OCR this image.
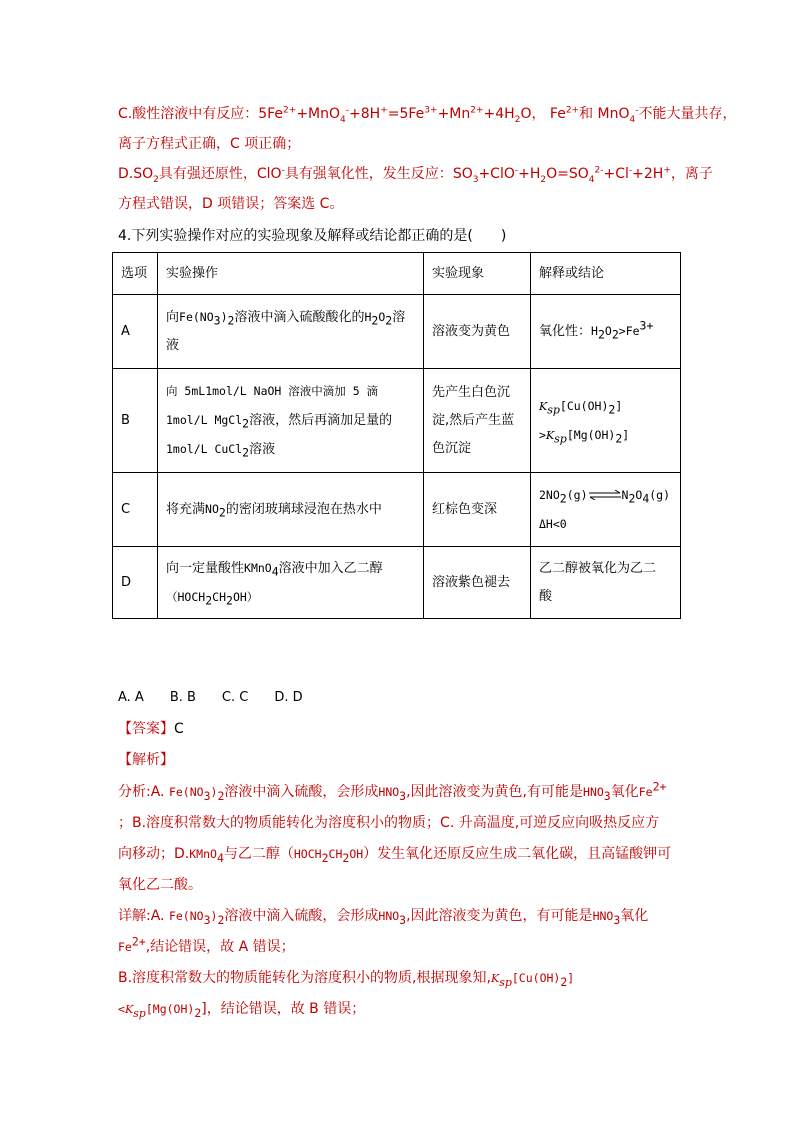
C.酸性溶液中有反应：$5Fe^{2+}+MnO_4^-+8H^+=5Fe^{3+}+Mn^{2+}+4H_2O$， $Fe^{2+}$和 MnO$_4$-不能大量共存，
离子方程式正确，C 项正确；
$D.SO_2$具有强还原性，ClO-具有强氧化性，发生反应：$SO_3+ClO^-+H_2O=SO_4^{2-}+Cl^-+2H^+$，离子
方程式错误，D 项错误；答案选 C。
4.下列实验操作对应的实验现象及解释或结论都正确的是(　　)
选项	实验操作	实验现象	解释或结论
A	向$Fe(NO_3)_2$溶液中滴入硫酸酸化的$H_2O_2$溶
液	溶液变为黄色	氧化性：$H_2O_2>Fe^{3+}$
B	向 5mL1mol/L NaOH 溶液中滴加 5 滴
1mol/L MgCl$_2$溶液，然后再滴加足量的
1mol/L CuCl$_2$溶液	先产生白色沉
淀,然后产生蓝
色沉淀	$K_{sp}[Cu(OH)_2]$
$>K_{sp}[Mg(OH)_2]$
C	将充满$NO_2$的密闭玻璃球浸泡在热水中	红棕色变深	$2NO_2(g)\rightleftharpoons N_2O_4(g)$
ΔH<0
D	向一定量酸性KMnO$_4$溶液中加入乙二醇
$(HOCH_2CH_2OH)$	溶液紫色褪去	乙二醇被氧化为乙二
酸
A. A　　B. B　　C. C　　D. D
【答案】C
【解析】
分析:A. $Fe(NO_3)_2$溶液中滴入硫酸，会形成$HNO_3$,因此溶液变为黄色,有可能是$HNO_3$氧化$Fe^{2+}$
；B.溶度积常数大的物质能转化为溶度积小的物质；C. 升高温度,可逆反应向吸热反应方
向移动；D.KMnO$_4$与乙二醇$(HOCH_2CH_2OH)$发生氧化还原反应生成二氧化碳，且高锰酸钾可
氧化乙二酸。
详解:A. $Fe(NO_3)_2$溶液中滴入硫酸，会形成$HNO_3$,因此溶液变为黄色，有可能是$HNO_3$氧化
$Fe^{2+}$,结论错误，故 A 错误；
B.溶度积常数大的物质能转化为溶度积小的物质,根据现象知$,K_{sp}[Cu(OH)_2]$
$<K_{sp}[Mg(OH)_2]$，结论错误，故 B 错误；
